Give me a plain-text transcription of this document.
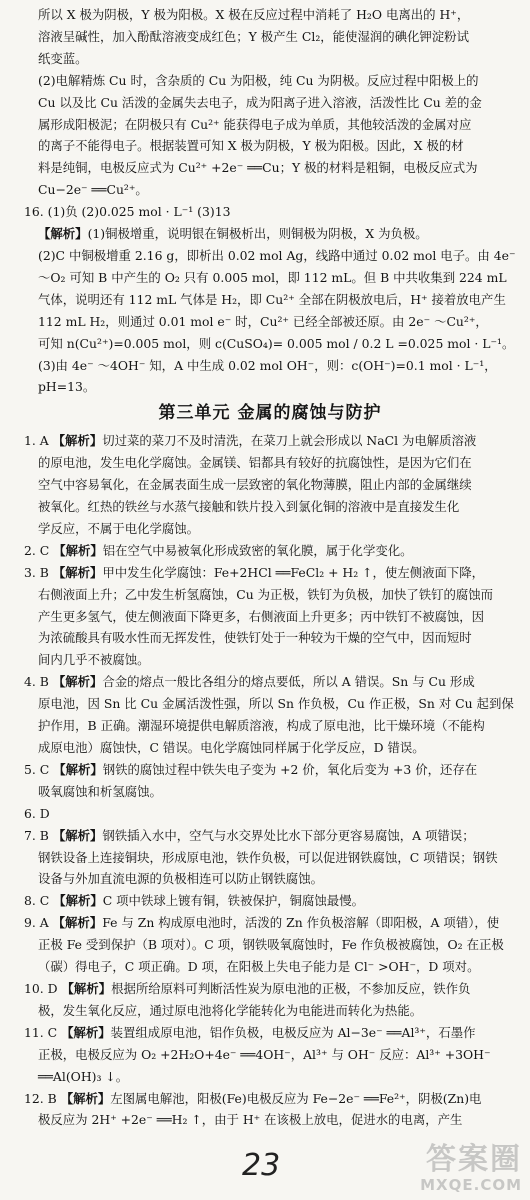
所以 X 极为阴极，Y 极为阳极。X 极在反应过程中消耗了 H₂O 电离出的 H⁺，
溶液呈碱性，加入酚酞溶液变成红色；Y 极产生 Cl₂，能使湿润的碘化钾淀粉试
纸变蓝。
(2)电解精炼 Cu 时，含杂质的 Cu 为阳极，纯 Cu 为阴极。反应过程中阳极上的
Cu 以及比 Cu 活泼的金属失去电子，成为阳离子进入溶液，活泼性比 Cu 差的金
属形成阳极泥；在阴极只有 Cu²⁺ 能获得电子成为单质，其他较活泼的金属对应
的离子不能得电子。根据装置可知 X 极为阴极，Y 极为阳极。因此，X 极的材
料是纯铜，电极反应式为 Cu²⁺ +2e⁻ ══Cu；Y 极的材料是粗铜，电极反应式为
Cu−2e⁻ ══Cu²⁺。
16. (1)负 (2)0.025 mol · L⁻¹ (3)13
【解析】(1)铜极增重，说明银在铜极析出，则铜极为阴极，X 为负极。
(2)C 中铜极增重 2.16 g，即析出 0.02 mol Ag，线路中通过 0.02 mol 电子。由 4e⁻
～O₂ 可知 B 中产生的 O₂ 只有 0.005 mol，即 112 mL。但 B 中共收集到 224 mL
气体，说明还有 112 mL 气体是 H₂，即 Cu²⁺ 全部在阴极放电后，H⁺ 接着放电产生
112 mL H₂，则通过 0.01 mol e⁻ 时，Cu²⁺ 已经全部被还原。由 2e⁻ ～Cu²⁺，
可知 n(Cu²⁺)=0.005 mol，则 c(CuSO₄)= 0.005 mol / 0.2 L =0.025 mol · L⁻¹。
(3)由 4e⁻ ～4OH⁻ 知，A 中生成 0.02 mol OH⁻，则：c(OH⁻)=0.1 mol · L⁻¹，
pH=13。
第三单元 金属的腐蚀与防护
1. A 【解析】切过菜的菜刀不及时清洗，在菜刀上就会形成以 NaCl 为电解质溶液
的原电池，发生电化学腐蚀。金属镁、铝都具有较好的抗腐蚀性，是因为它们在
空气中容易氧化，在金属表面生成一层致密的氧化物薄膜，阻止内部的金属继续
被氧化。红热的铁丝与水蒸气接触和铁片投入到氯化铜的溶液中是直接发生化
学反应，不属于电化学腐蚀。
2. C 【解析】铝在空气中易被氧化形成致密的氧化膜，属于化学变化。
3. B 【解析】甲中发生化学腐蚀：Fe+2HCl ══FeCl₂ + H₂ ↑，使左侧液面下降，
右侧液面上升；乙中发生析氢腐蚀，Cu 为正极，铁钉为负极，加快了铁钉的腐蚀而
产生更多氢气，使左侧液面下降更多，右侧液面上升更多；丙中铁钉不被腐蚀，因
为浓硫酸具有吸水性而无挥发性，使铁钉处于一种较为干燥的空气中，因而短时
间内几乎不被腐蚀。
4. B 【解析】合金的熔点一般比各组分的熔点要低，所以 A 错误。Sn 与 Cu 形成
原电池，因 Sn 比 Cu 金属活泼性强，所以 Sn 作负极，Cu 作正极，Sn 对 Cu 起到保
护作用，B 正确。潮湿环境提供电解质溶液，构成了原电池，比干燥环境（不能构
成原电池）腐蚀快，C 错误。电化学腐蚀同样属于化学反应，D 错误。
5. C 【解析】钢铁的腐蚀过程中铁失电子变为 +2 价，氧化后变为 +3 价，还存在
吸氧腐蚀和析氢腐蚀。
6. D
7. B 【解析】钢铁插入水中，空气与水交界处比水下部分更容易腐蚀，A 项错误；
钢铁设备上连接铜块，形成原电池，铁作负极，可以促进钢铁腐蚀，C 项错误；钢铁
设备与外加直流电源的负极相连可以防止钢铁腐蚀。
8. C 【解析】C 项中铁球上镀有铜，铁被保护，铜腐蚀最慢。
9. A 【解析】Fe 与 Zn 构成原电池时，活泼的 Zn 作负极溶解（即阳极，A 项错），使
正极 Fe 受到保护（B 项对）。C 项，钢铁吸氧腐蚀时，Fe 作负极被腐蚀，O₂ 在正极
（碳）得电子，C 项正确。D 项，在阳极上失电子能力是 Cl⁻ >OH⁻，D 项对。
10. D 【解析】根据所给原料可判断活性炭为原电池的正极，不参加反应，铁作负
极，发生氧化反应，通过原电池将化学能转化为电能进而转化为热能。
11. C 【解析】装置组成原电池，铝作负极，电极反应为 Al−3e⁻ ══Al³⁺，石墨作
正极，电极反应为 O₂ +2H₂O+4e⁻ ══4OH⁻，Al³⁺ 与 OH⁻ 反应：Al³⁺ +3OH⁻
══Al(OH)₃ ↓。
12. B 【解析】左图属电解池，阳极(Fe)电极反应为 Fe−2e⁻ ══Fe²⁺，阴极(Zn)电
极反应为 2H⁺ +2e⁻ ══H₂ ↑，由于 H⁺ 在该极上放电，促进水的电离，产生
23	答案圈
MXQE.COM
